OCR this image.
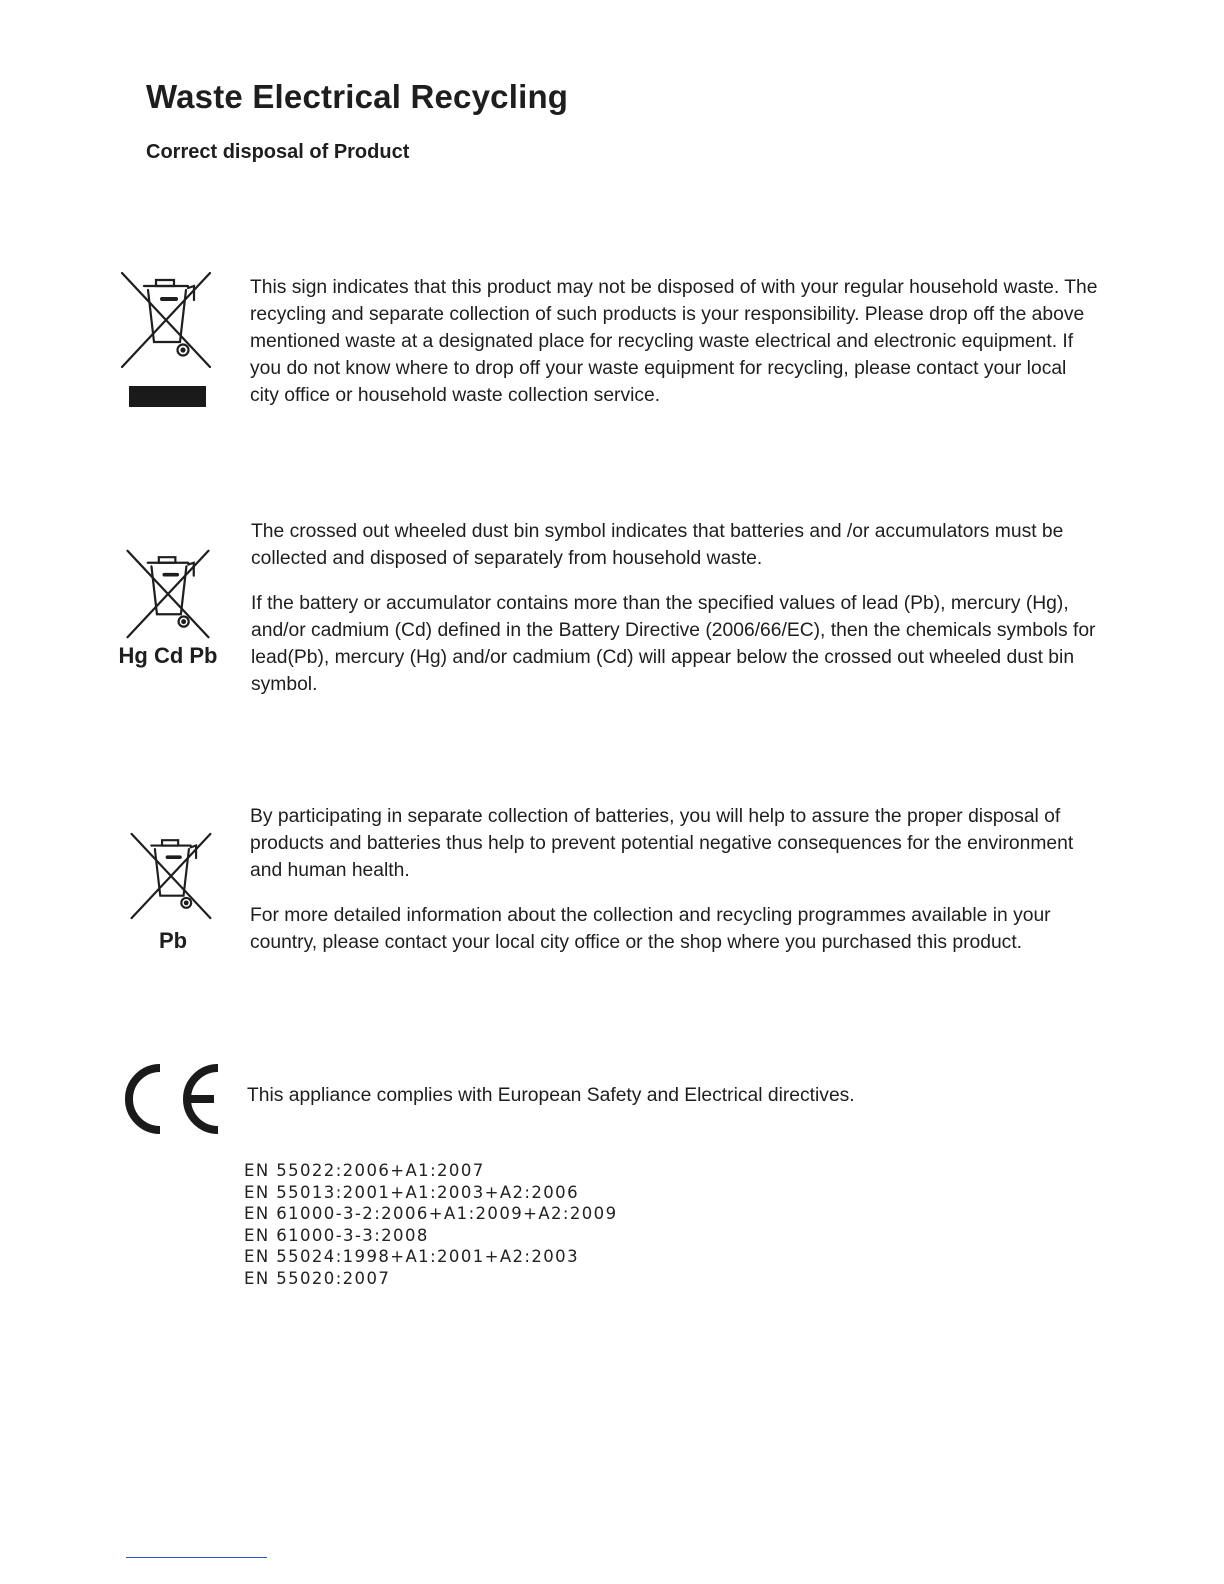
Waste Electrical Recycling
Correct disposal of Product

This sign indicates that this product may not be disposed of with your regular household waste. The recycling and separate collection of such products is your responsibility. Please drop off the above mentioned waste at a designated place for recycling waste electrical and electronic equipment. If you do not know where to drop off your waste equipment for recycling, please contact your local city office or household waste collection service.

Hg Cd Pb

The crossed out wheeled dust bin symbol indicates that batteries and /or accumulators must be collected and disposed of separately from household waste.

If the battery or accumulator contains more than the specified values of lead (Pb), mercury (Hg), and/or cadmium (Cd) defined in the Battery Directive (2006/66/EC), then the chemicals symbols for lead(Pb), mercury (Hg) and/or cadmium (Cd) will appear below the crossed out wheeled dust bin symbol.

Pb

By participating in separate collection of batteries, you will help to assure the proper disposal of products and batteries thus help to prevent potential negative consequences for the environment and human health.

For more detailed information about the collection and recycling programmes available in your country, please contact your local city office or the shop where you purchased this product.

This appliance complies with European Safety and Electrical directives.

EN 55022:2006+A1:2007
EN 55013:2001+A1:2003+A2:2006
EN 61000-3-2:2006+A1:2009+A2:2009
EN 61000-3-3:2008
EN 55024:1998+A1:2001+A2:2003
EN 55020:2007
